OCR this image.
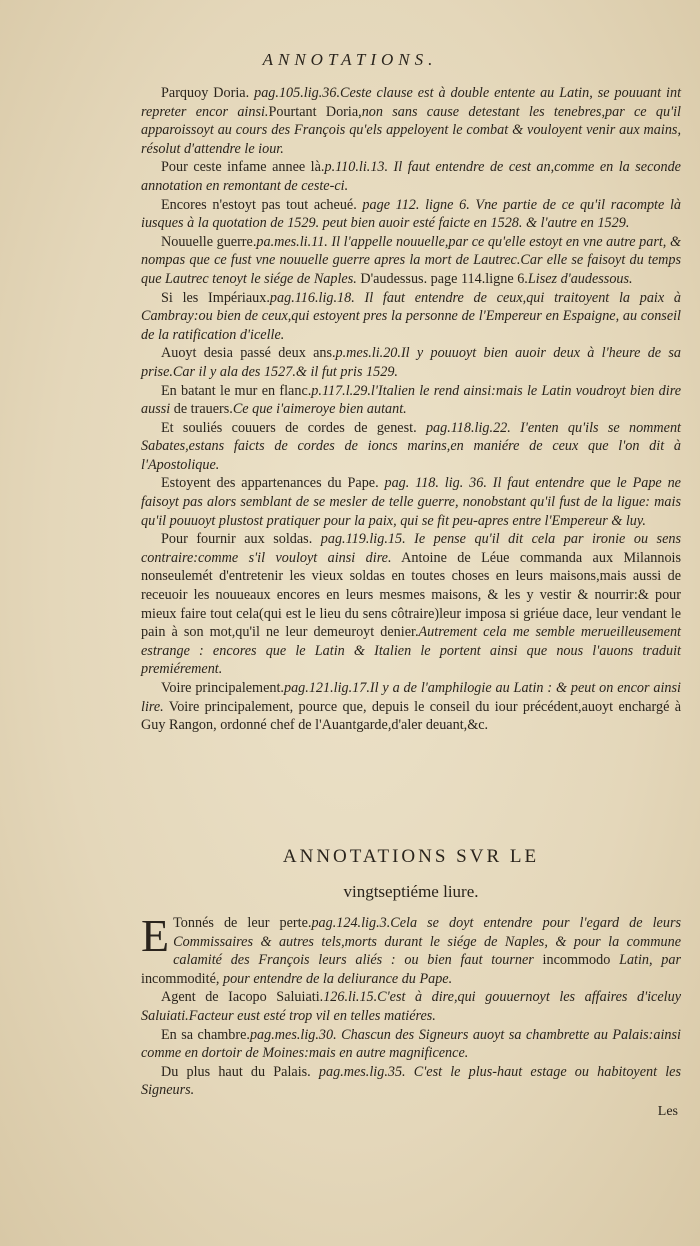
ANNOTATIONS.

Parquoy Doria. pag.105.lig.36.Ceste clause est à double entente au Latin, se pouuant int repreter encor ainsi.Pourtant Doria,non sans cause detestant les tenebres,par ce qu'il apparoissoyt au cours des François qu'els appeloyent le combat & vouloyent venir aux mains, résolut d'attendre le iour.

Pour ceste infame annee là.p.110.li.13. Il faut entendre de cest an,comme en la seconde annotation en remontant de ceste-ci.

Encores n'estoyt pas tout acheué. page 112. ligne 6. Vne partie de ce qu'il racompte là iusques à la quotation de 1529. peut bien auoir esté faicte en 1528. & l'autre en 1529.

Nouuelle guerre.pa.mes.li.11. Il l'appelle nouuelle,par ce qu'elle estoyt en vne autre part, & nompas que ce fust vne nouuelle guerre apres la mort de Lautrec.Car elle se faisoyt du temps que Lautrec tenoyt le siége de Naples. D'audessus. page 114.ligne 6.Lisez d'audessous.

Si les Impériaux.pag.116.lig.18. Il faut entendre de ceux,qui traitoyent la paix à Cambray:ou bien de ceux,qui estoyent pres la personne de l'Empereur en Espaigne, au conseil de la ratification d'icelle.

Auoyt desia passé deux ans.p.mes.li.20.Il y pouuoyt bien auoir deux à l'heure de sa prise.Car il y ala des 1527.& il fut pris 1529.

En batant le mur en flanc.p.117.l.29.l'Italien le rend ainsi:mais le Latin voudroyt bien dire aussi de trauers.Ce que i'aimeroye bien autant.

Et souliés couuers de cordes de genest. pag.118.lig.22. I'enten qu'ils se nomment Sabates,estans faicts de cordes de ioncs marins,en maniére de ceux que l'on dit à l'Apostolique.

Estoyent des appartenances du Pape. pag. 118. lig. 36. Il faut entendre que le Pape ne faisoyt pas alors semblant de se mesler de telle guerre, nonobstant qu'il fust de la ligue: mais qu'il pouuoyt plustost pratiquer pour la paix, qui se fit peu-apres entre l'Empereur & luy.

Pour fournir aux soldas. pag.119.lig.15. Ie pense qu'il dit cela par ironie ou sens contraire:comme s'il vouloyt ainsi dire. Antoine de Léue commanda aux Milannois nonseulemét d'entretenir les vieux soldas en toutes choses en leurs maisons,mais aussi de receuoir les nouueaux encores en leurs mesmes maisons, & les y vestir & nourrir:& pour mieux faire tout cela(qui est le lieu du sens côtraire)leur imposa si griéue dace, leur vendant le pain à son mot,qu'il ne leur demeuroyt denier.Autrement cela me semble merueilleusement estrange : encores que le Latin & Italien le portent ainsi que nous l'auons traduit premiérement.

Voire principalement.pag.121.lig.17.Il y a de l'amphilogie au Latin : & peut on encor ainsi lire. Voire principalement, pource que, depuis le conseil du iour précédent,auoyt enchargé à Guy Rangon, ordonné chef de l'Auantgarde,d'aler deuant,&c.

ANNOTATIONS SVR LE
vingtseptiéme liure.

E Tonnés de leur perte.pag.124.lig.3.Cela se doyt entendre pour l'egard de leurs Commissaires & autres tels,morts durant le siége de Naples, & pour la commune calamité des François leurs aliés : ou bien faut tourner incommodo Latin, par incommodité, pour entendre de la deliurance du Pape.

Agent de Iacopo Saluiati.126.li.15.C'est à dire,qui gouuernoyt les affaires d'iceluy Saluiati.Facteur eust esté trop vil en telles matiéres.

En sa chambre.pag.mes.lig.30. Chascun des Signeurs auoyt sa chambrette au Palais:ainsi comme en dortoir de Moines:mais en autre magnificence.

Du plus haut du Palais. pag.mes.lig.35. C'est le plus-haut estage ou habitoyent les Signeurs.

Les
